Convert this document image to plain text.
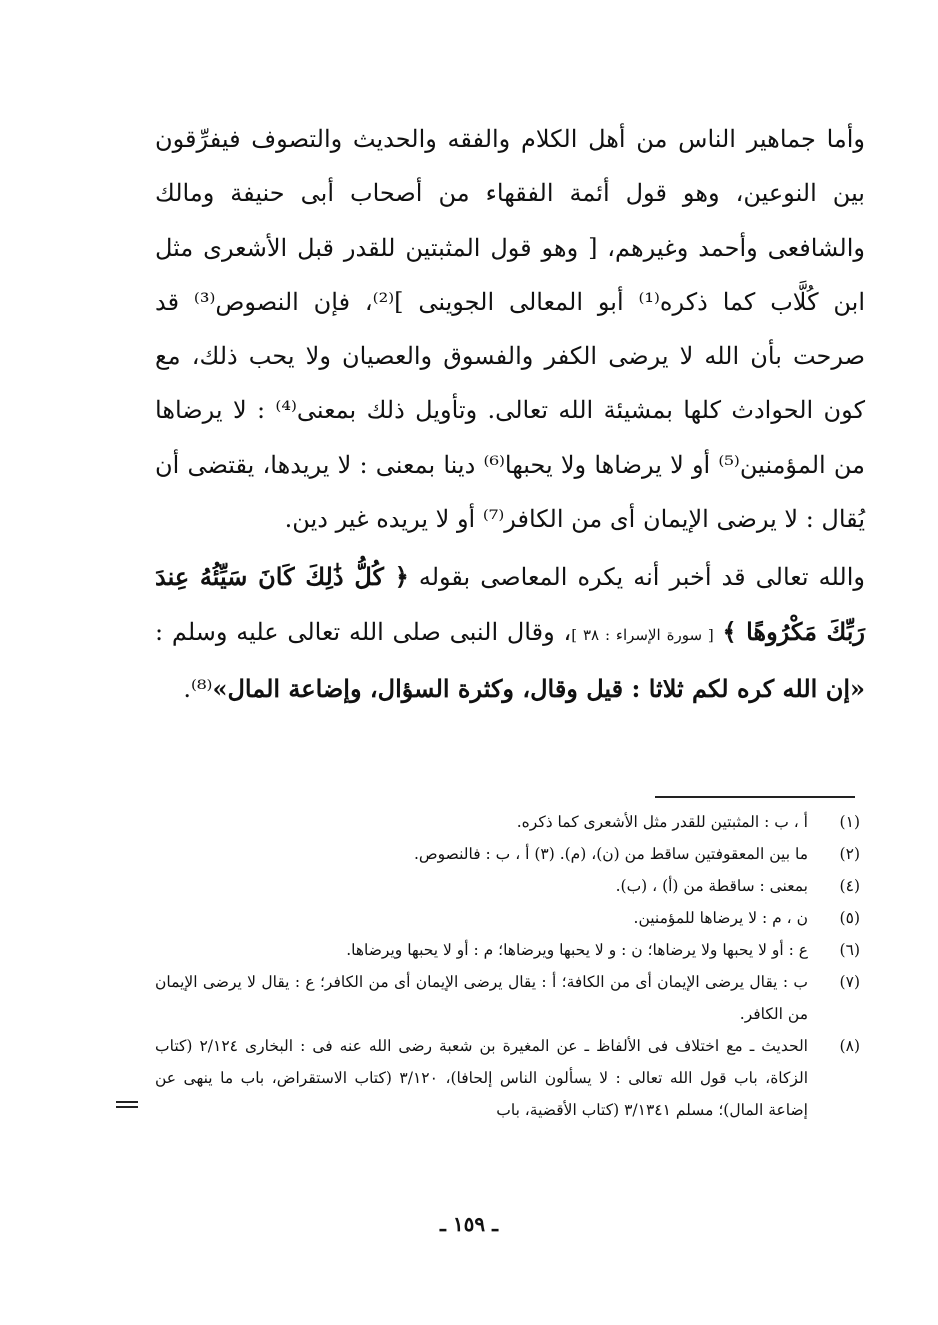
وأما جماهير الناس من أهل الكلام والفقه والحديث والتصوف فيفرِّقون بين النوعين، وهو قول أئمة الفقهاء من أصحاب أبى حنيفة ومالك والشافعى وأحمد وغيرهم، [ وهو قول المثبتين للقدر قبل الأشعرى مثل ابن كُلَّاب كما ذكره⁽¹⁾ أبو المعالى الجوينى ]⁽²⁾، فإن النصوص⁽³⁾ قد صرحت بأن الله لا يرضى الكفر والفسوق والعصيان ولا يحب ذلك، مع كون الحوادث كلها بمشيئة الله تعالى. وتأويل ذلك بمعنى⁽⁴⁾ : لا يرضاها من المؤمنين⁽⁵⁾ أو لا يرضاها ولا يحبها⁽⁶⁾ دينا بمعنى : لا يريدها، يقتضى أن يُقال : لا يرضى الإيمان أى من الكافر⁽⁷⁾ أو لا يريده غير دين.

والله تعالى قد أخبر أنه يكره المعاصى بقوله ﴿ كُلُّ ذَٰلِكَ كَانَ سَيِّئُهُ عِندَ رَبِّكَ مَكْرُوهًا ﴾ [ سورة الإسراء : ٣٨ ]، وقال النبى صلى الله تعالى عليه وسلم : «إن الله كره لكم ثلاثا : قيل وقال، وكثرة السؤال، وإضاعة المال»⁽⁸⁾.

(١)
أ ، ب : المثبتين للقدر مثل الأشعرى كما ذكره.
(٢)
ما بين المعقوفتين ساقط من (ن)، (م). (٣) أ ، ب : فالنصوص.
(٤)
بمعنى : ساقطة من (أ) ، (ب).
(٥)
ن ، م : لا يرضاها للمؤمنين.
(٦)
ع : أو لا يحبها ولا يرضاها؛ ن : و لا يحبها ويرضاها؛ م : أو لا يحبها ويرضاها.
(٧)
ب : يقال يرضى الإيمان أى من الكافة؛ أ : يقال يرضى الإيمان أى من الكافر؛ ع : يقال لا يرضى الإيمان من الكافر.
(٨)
الحديث ـ مع اختلاف فى الألفاظ ـ عن المغيرة بن شعبة رضى الله عنه فى : البخارى ٢/١٢٤ (كتاب الزكاة، باب قول الله تعالى : لا يسألون الناس إلحافا)، ٣/١٢٠ (كتاب الاستقراض، باب ما ينهى عن إضاعة المال)؛ مسلم ٣/١٣٤١ (كتاب الأقضية، باب
ـ ١٥٩ ـ
